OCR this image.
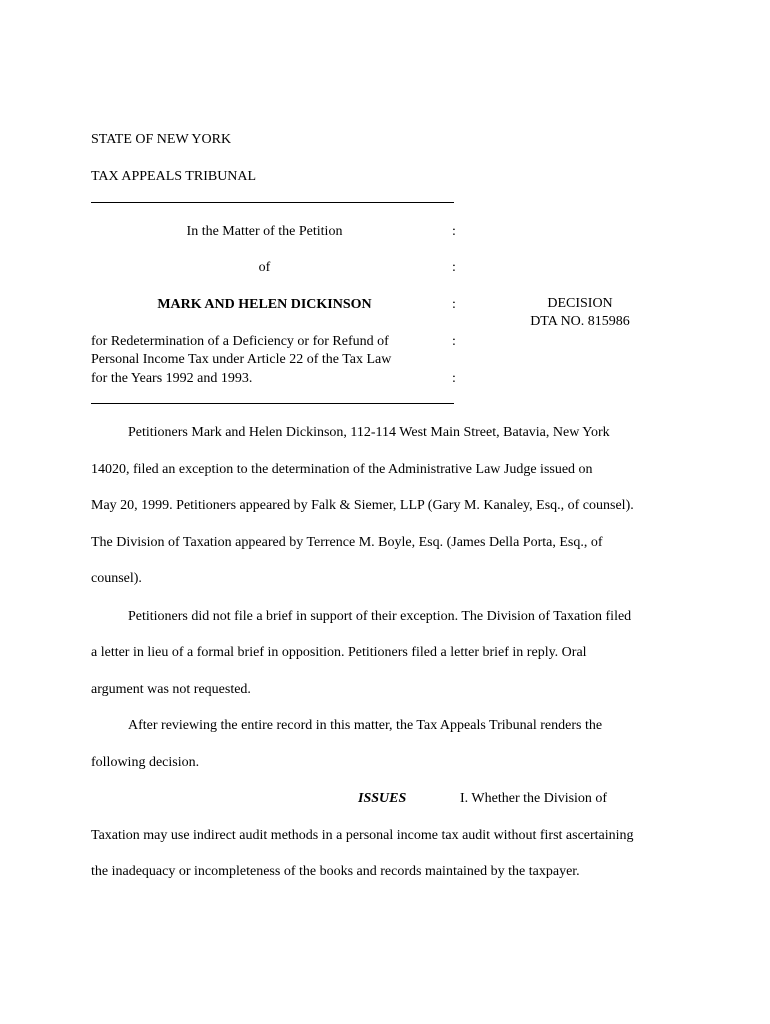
STATE OF NEW YORK
TAX APPEALS TRIBUNAL
In the Matter of the Petition	:
of	:
MARK AND HELEN DICKINSON	:
for Redetermination of a Deficiency or for Refund of	:
Personal Income Tax under Article 22 of the Tax Law
for the Years 1992 and 1993.	:
DECISION
DTA NO. 815986
Petitioners Mark and Helen Dickinson, 112-114 West Main Street, Batavia, New York
14020, filed an exception to the determination of the Administrative Law Judge issued on
May 20, 1999. Petitioners appeared by Falk & Siemer, LLP (Gary M. Kanaley, Esq., of counsel).
The Division of Taxation appeared by Terrence M. Boyle, Esq. (James Della Porta, Esq., of
counsel).
Petitioners did not file a brief in support of their exception. The Division of Taxation filed
a letter in lieu of a formal brief in opposition. Petitioners filed a letter brief in reply. Oral
argument was not requested.
After reviewing the entire record in this matter, the Tax Appeals Tribunal renders the
following decision.
ISSUES	I. Whether the Division of
Taxation may use indirect audit methods in a personal income tax audit without first ascertaining
the inadequacy or incompleteness of the books and records maintained by the taxpayer.
